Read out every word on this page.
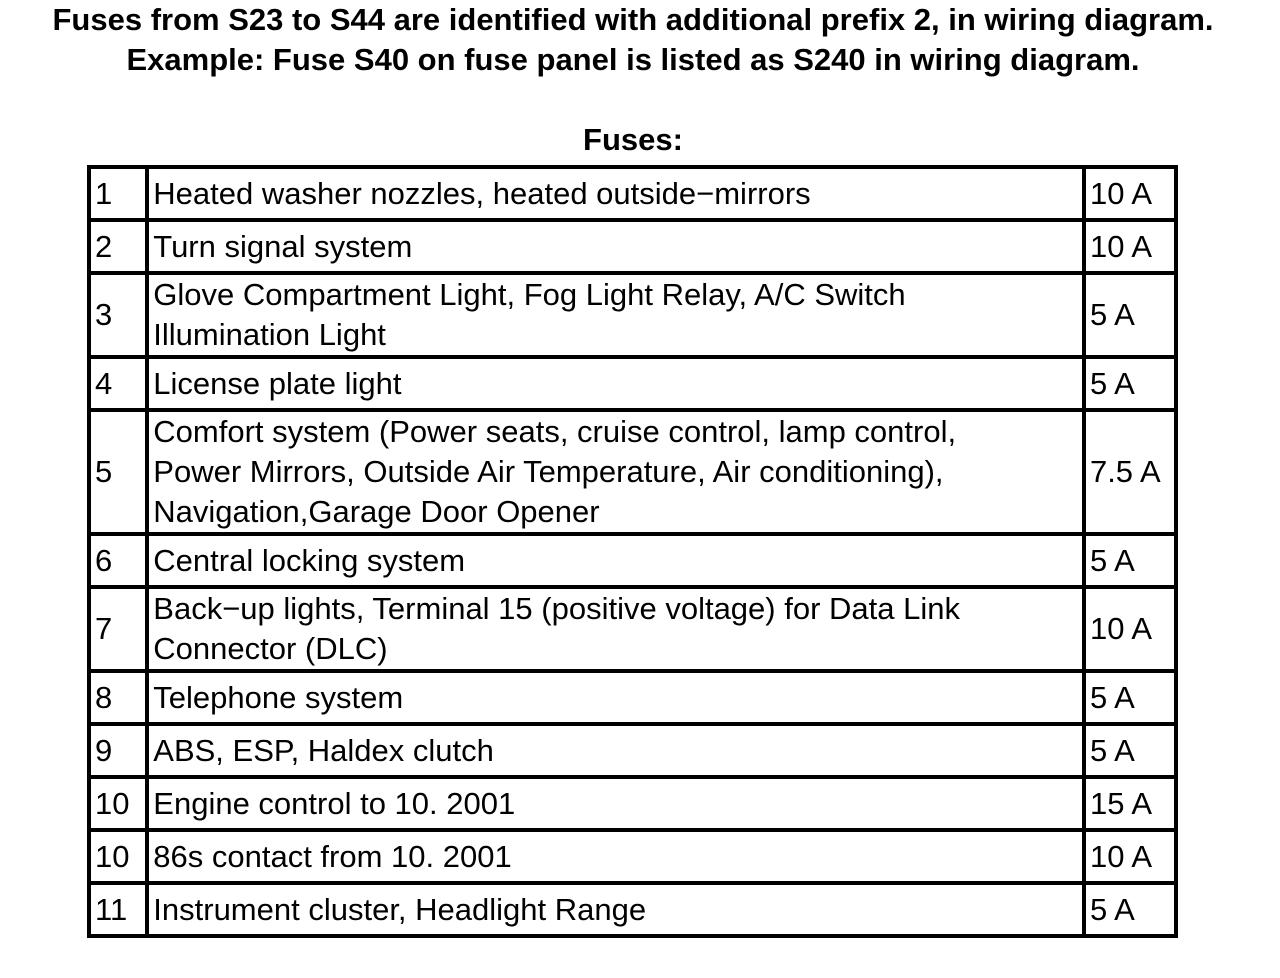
Fuses from S23 to S44 are identified with additional prefix 2, in wiring diagram.
Example: Fuse S40 on fuse panel is listed as S240 in wiring diagram.
Fuses:
1	Heated washer nozzles, heated outside−mirrors	10 A
2	Turn signal system	10 A
3	Glove Compartment Light, Fog Light Relay, A/C Switch
Illumination Light	5 A
4	License plate light	5 A
5	Comfort system (Power seats, cruise control, lamp control,
Power Mirrors, Outside Air Temperature, Air conditioning),
Navigation,Garage Door Opener	7.5 A
6	Central locking system	5 A
7	Back−up lights, Terminal 15 (positive voltage) for Data Link
Connector (DLC)	10 A
8	Telephone system	5 A
9	ABS, ESP, Haldex clutch	5 A
10	Engine control to 10. 2001	15 A
10	86s contact from 10. 2001	10 A
11	Instrument cluster, Headlight Range	5 A
